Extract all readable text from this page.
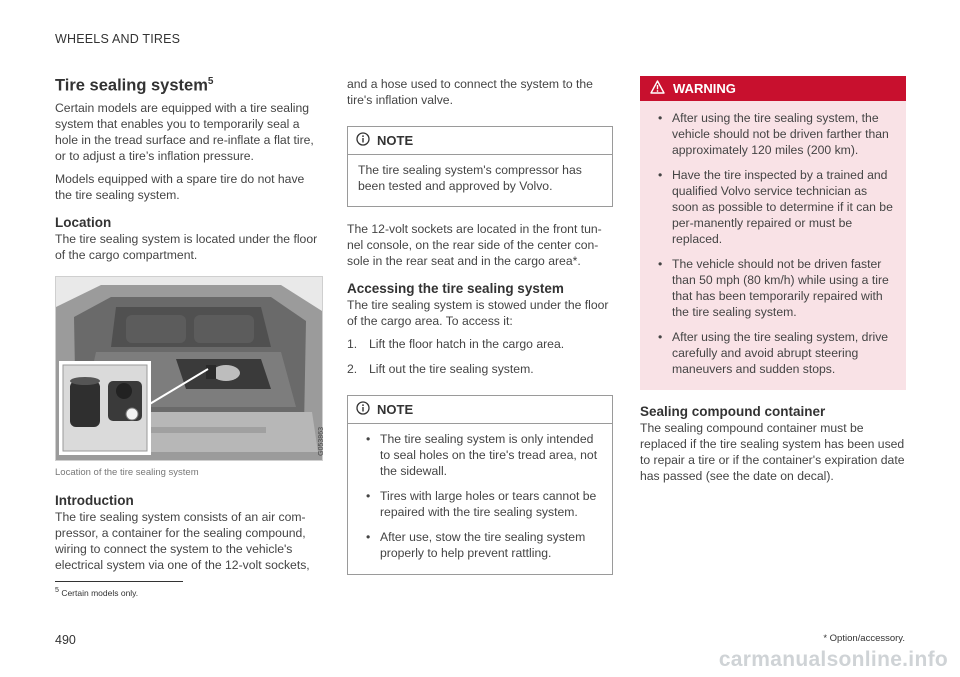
WHEELS AND TIRES
Tire sealing system$^5$

Certain models are equipped with a tire sealing system that enables you to temporarily seal a hole in the tread surface and re-inflate a flat tire, or to adjust a tire’s inflation pressure.

Models equipped with a spare tire do not have the tire sealing system.

Location

The tire sealing system is located under the floor of the cargo compartment.

G053863

Location of the tire sealing system

Introduction

The tire sealing system consists of an air com-pressor, a container for the sealing compound, wiring to connect the system to the vehicle's electrical system via one of the 12-volt sockets,

and a hose used to connect the system to the tire's inflation valve.

NOTE

The tire sealing system's compressor has been tested and approved by Volvo.

The 12-volt sockets are located in the front tun-nel console, on the rear side of the center con-sole in the rear seat and in the cargo area*.

Accessing the tire sealing system

The tire sealing system is stowed under the floor of the cargo area. To access it:

1. Lift the floor hatch in the cargo area.
2. Lift out the tire sealing system.
NOTE
• The tire sealing system is only intended to seal holes on the tire's tread area, not the sidewall.
• Tires with large holes or tears cannot be repaired with the tire sealing system.
• After use, stow the tire sealing system properly to help prevent rattling.
WARNING
• After using the tire sealing system, the vehicle should not be driven farther than approximately 120 miles (200 km).
• Have the tire inspected by a trained and qualified Volvo service technician as soon as possible to determine if it can be per-manently repaired or must be replaced.
• The vehicle should not be driven faster than 50 mph (80 km/h) while using a tire that has been temporarily repaired with the tire sealing system.
• After using the tire sealing system, drive carefully and avoid abrupt steering maneuvers and sudden stops.
Sealing compound container

The sealing compound container must be replaced if the tire sealing system has been used to repair a tire or if the container's expiration date has passed (see the date on decal).

$^5$ Certain models only.
490	* Option/accessory.
carmanualsonline.info
